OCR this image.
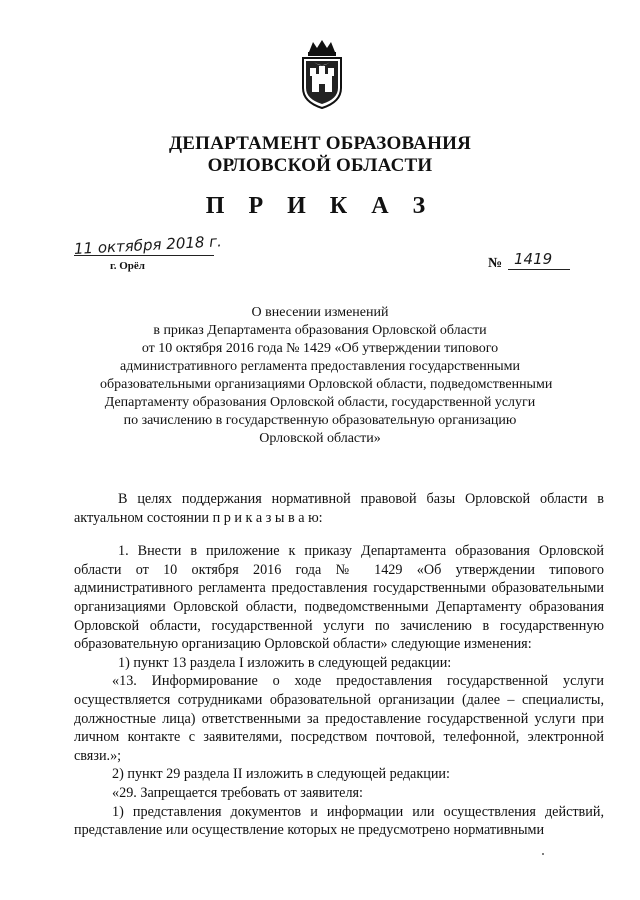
ДЕПАРТАМЕНТ ОБРАЗОВАНИЯ
ОРЛОВСКОЙ ОБЛАСТИ
П Р И К А З
11 октября 2018 г.
г. Орёл	№ 1419
О внесении изменений
в приказ Департамента образования Орловской области
от 10 октября 2016 года № 1429 «Об утверждении типового
административного регламента предоставления государственными
образовательными организациями Орловской области, подведомственными
Департаменту образования Орловской области, государственной услуги
по зачислению в государственную образовательную организацию
Орловской области»

В целях поддержания нормативной правовой базы Орловской области в актуальном состоянии п р и к а з ы в а ю:

1. Внести в приложение к приказу Департамента образования Орловской области от 10 октября 2016 года № 1429 «Об утверждении типового административного регламента предоставления государственными образовательными организациями Орловской области, подведомственными Департаменту образования Орловской области, государственной услуги по зачислению в государственную образовательную организацию Орловской области» следующие изменения:

1) пункт 13 раздела I изложить в следующей редакции:

«13. Информирование о ходе предоставления государственной услуги осуществляется сотрудниками образовательной организации (далее – специалисты, должностные лица) ответственными за предоставление государственной услуги при личном контакте с заявителями, посредством почтовой, телефонной, электронной связи.»;

2) пункт 29 раздела II изложить в следующей редакции:

«29. Запрещается требовать от заявителя:

1) представления документов и информации или осуществления действий, представление или осуществление которых не предусмотрено нормативными
